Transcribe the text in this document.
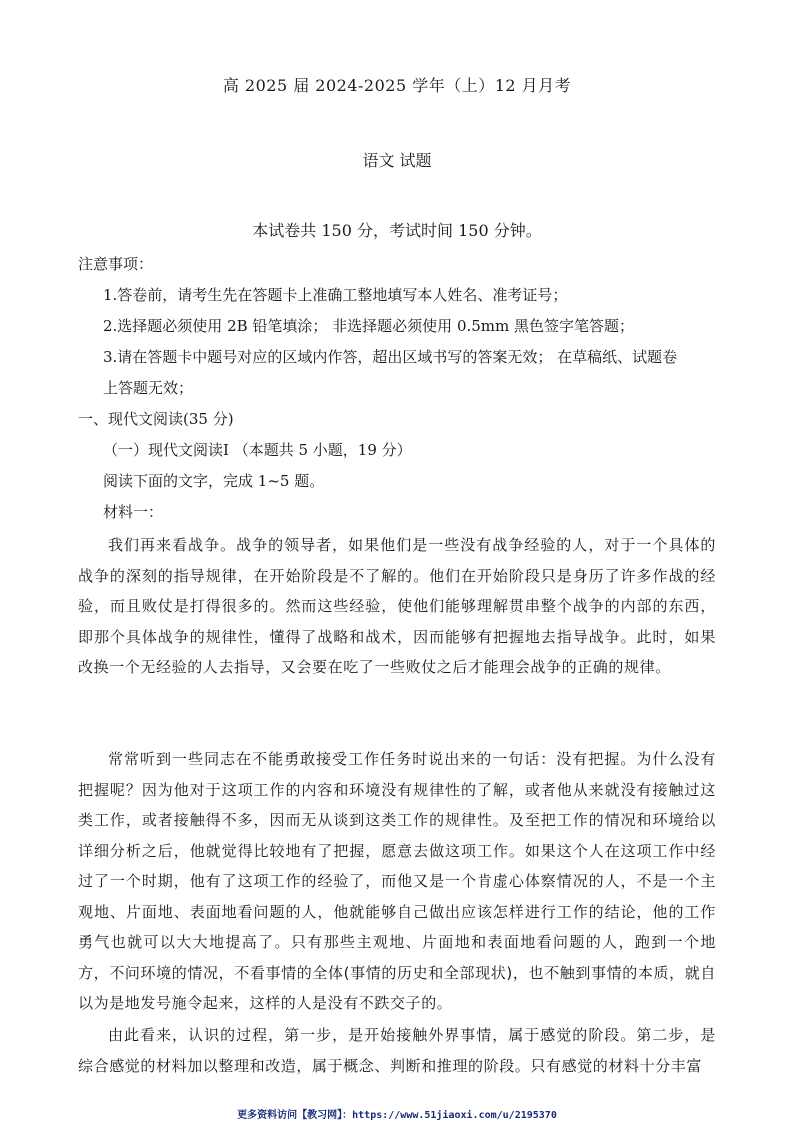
高 2025 届 2024-2025 学年（上）12 月月考
语文 试题
本试卷共 150 分，考试时间 150 分钟。
注意事项：
1.答卷前，请考生先在答题卡上准确工整地填写本人姓名、准考证号；
2.选择题必须使用 2B 铅笔填涂； 非选择题必须使用 0.5mm 黑色签字笔答题；
3.请在答题卡中题号对应的区域内作答，超出区域书写的答案无效； 在草稿纸、试题卷
上答题无效；
一、现代文阅读(35 分)
（一）现代文阅读Ⅰ （本题共 5 小题，19 分）
阅读下面的文字，完成 1~5 题。
材料一：

我们再来看战争。战争的领导者，如果他们是一些没有战争经验的人，对于一个具体的战争的深刻的指导规律，在开始阶段是不了解的。他们在开始阶段只是身历了许多作战的经验，而且败仗是打得很多的。然而这些经验，使他们能够理解贯串整个战争的内部的东西，即那个具体战争的规律性，懂得了战略和战术，因而能够有把握地去指导战争。此时，如果改换一个无经验的人去指导，又会要在吃了一些败仗之后才能理会战争的正确的规律。

常常听到一些同志在不能勇敢接受工作任务时说出来的一句话：没有把握。为什么没有把握呢？因为他对于这项工作的内容和环境没有规律性的了解，或者他从来就没有接触过这类工作，或者接触得不多，因而无从谈到这类工作的规律性。及至把工作的情况和环境给以详细分析之后，他就觉得比较地有了把握，愿意去做这项工作。如果这个人在这项工作中经过了一个时期，他有了这项工作的经验了，而他又是一个肯虚心体察情况的人，不是一个主观地、片面地、表面地看问题的人，他就能够自己做出应该怎样进行工作的结论，他的工作勇气也就可以大大地提高了。只有那些主观地、片面地和表面地看问题的人，跑到一个地方，不问环境的情况，不看事情的全体(事情的历史和全部现状)，也不触到事情的本质，就自以为是地发号施令起来，这样的人是没有不跌交子的。

由此看来，认识的过程，第一步，是开始接触外界事情，属于感觉的阶段。第二步，是综合感觉的材料加以整理和改造，属于概念、判断和推理的阶段。只有感觉的材料十分丰富

更多资料访问【教习网】：https://www.51jiaoxi.com/u/2195370
